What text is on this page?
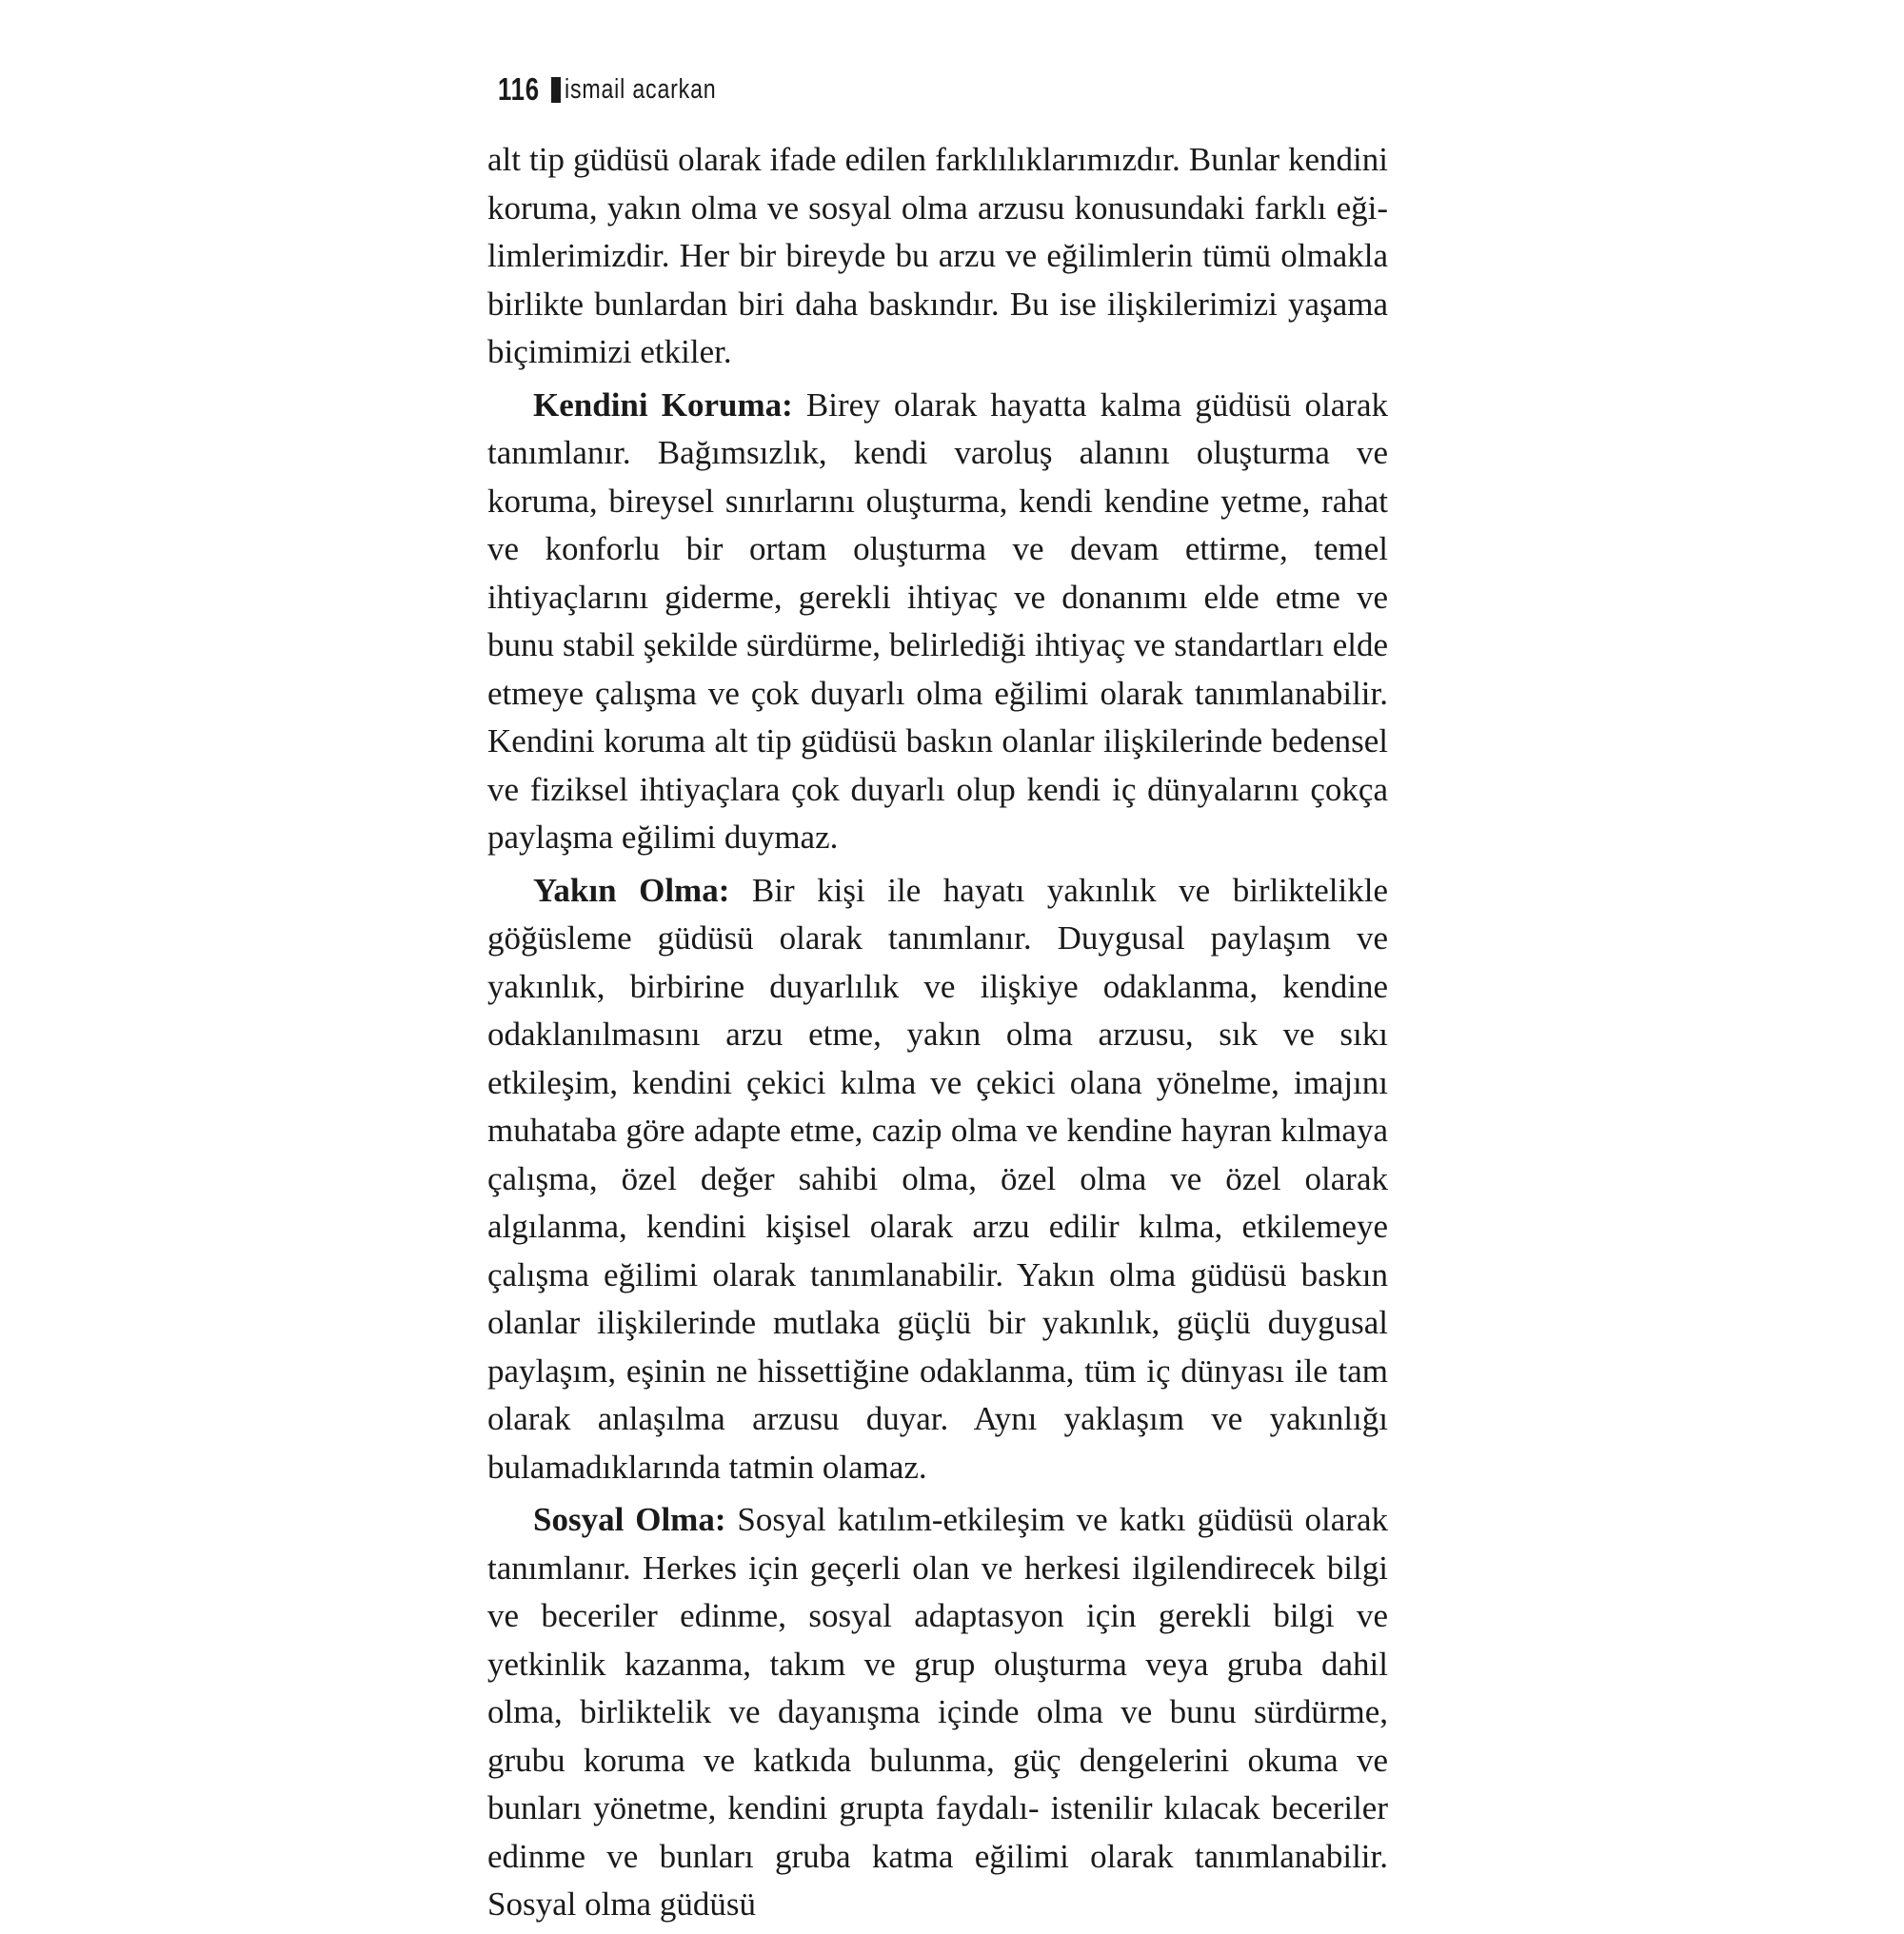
116 ismail acarkan

alt tip güdüsü olarak ifade edilen farklılıklarımızdır. Bunlar kendini koruma, yakın olma ve sosyal olma arzusu konusundaki farklı eğilimlerimizdir. Her bir bireyde bu arzu ve eğilimlerin tümü olmakla birlikte bunlardan biri daha baskındır. Bu ise ilişkilerimizi yaşama biçimimizi etkiler.

Kendini Koruma: Birey olarak hayatta kalma güdüsü olarak tanımlanır. Bağımsızlık, kendi varoluş alanını oluşturma ve koruma, bireysel sınırlarını oluşturma, kendi kendine yetme, rahat ve konforlu bir ortam oluşturma ve devam ettirme, temel ihtiyaçlarını giderme, gerekli ihtiyaç ve donanımı elde etme ve bunu stabil şekilde sürdürme, belirlediği ihtiyaç ve standartları elde etmeye çalışma ve çok duyarlı olma eğilimi olarak tanımlanabilir. Kendini koruma alt tip güdüsü baskın olanlar ilişkilerinde bedensel ve fiziksel ihtiyaçlara çok duyarlı olup kendi iç dünyalarını çokça paylaşma eğilimi duymaz.

Yakın Olma: Bir kişi ile hayatı yakınlık ve birliktelikle göğüsleme güdüsü olarak tanımlanır. Duygusal paylaşım ve yakınlık, birbirine duyarlılık ve ilişkiye odaklanma, kendine odaklanılmasını arzu etme, yakın olma arzusu, sık ve sıkı etkileşim, kendini çekici kılma ve çekici olana yönelme, imajını muhataba göre adapte etme, cazip olma ve kendine hayran kılmaya çalışma, özel değer sahibi olma, özel olma ve özel olarak algılanma, kendini kişisel olarak arzu edilir kılma, etkilemeye çalışma eğilimi olarak tanımlanabilir. Yakın olma güdüsü baskın olanlar ilişkilerinde mutlaka güçlü bir yakınlık, güçlü duygusal paylaşım, eşinin ne hissettiğine odaklanma, tüm iç dünyası ile tam olarak anlaşılma arzusu duyar. Aynı yaklaşım ve yakınlığı bulamadıklarında tatmin olamaz.

Sosyal Olma: Sosyal katılım-etkileşim ve katkı güdüsü olarak tanımlanır. Herkes için geçerli olan ve herkesi ilgilendirecek bilgi ve beceriler edinme, sosyal adaptasyon için gerekli bilgi ve yetkinlik kazanma, takım ve grup oluşturma veya gruba dahil olma, birliktelik ve dayanışma içinde olma ve bunu sürdürme, grubu koruma ve katkıda bulunma, güç dengelerini okuma ve bunları yönetme, kendini grupta faydalı- istenilir kılacak beceriler edinme ve bunları gruba katma eğilimi olarak tanımlanabilir. Sosyal olma güdüsü
